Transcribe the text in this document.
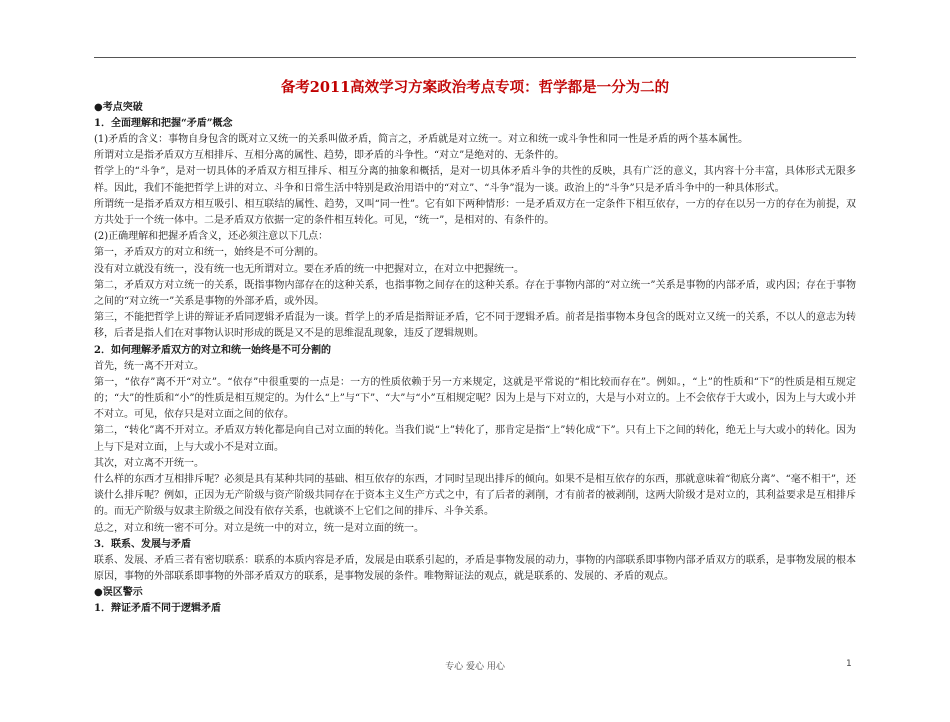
备考2011高效学习方案政治考点专项：哲学都是一分为二的
●考点突破
1．全面理解和把握“矛盾”概念

(1)矛盾的含义：事物自身包含的既对立又统一的关系叫做矛盾，简言之，矛盾就是对立统一。对立和统一或斗争性和同一性是矛盾的两个基本属性。

所谓对立是指矛盾双方互相排斥、互相分离的属性、趋势，即矛盾的斗争性。“对立”是绝对的、无条件的。

哲学上的“斗争”，是对一切具体的矛盾双方相互排斥、相互分离的抽象和概括，是对一切具体矛盾斗争的共性的反映，具有广泛的意义，其内容十分丰富，具体形式无限多样。因此，我们不能把哲学上讲的对立、斗争和日常生活中特别是政治用语中的“对立”、“斗争”混为一谈。政治上的“斗争”只是矛盾斗争中的一种具体形式。

所谓统一是指矛盾双方相互吸引、相互联结的属性、趋势，又叫“同一性”。它有如下两种情形：一是矛盾双方在一定条件下相互依存，一方的存在以另一方的存在为前提，双方共处于一个统一体中。二是矛盾双方依据一定的条件相互转化。可见，“统一”，是相对的、有条件的。

(2)正确理解和把握矛盾含义，还必须注意以下几点：

第一，矛盾双方的对立和统一，始终是不可分割的。

没有对立就没有统一，没有统一也无所谓对立。要在矛盾的统一中把握对立，在对立中把握统一。

第二，矛盾双方对立统一的关系，既指事物内部存在的这种关系，也指事物之间存在的这种关系。存在于事物内部的“对立统一”关系是事物的内部矛盾，或内因；存在于事物之间的“对立统一”关系是事物的外部矛盾，或外因。

第三，不能把哲学上讲的辩证矛盾同逻辑矛盾混为一谈。哲学上的矛盾是指辩证矛盾，它不同于逻辑矛盾。前者是指事物本身包含的既对立又统一的关系，不以人的意志为转移，后者是指人们在对事物认识时形成的既是又不是的思维混乱现象，违反了逻辑规则。

2．如何理解矛盾双方的对立和统一始终是不可分割的

首先，统一离不开对立。

第一，“依存”离不开“对立”。“依存”中很重要的一点是：一方的性质依赖于另一方来规定，这就是平常说的“相比较而存在”。例如。，“上”的性质和“下”的性质是相互规定的；“大”的性质和“小”的性质是相互规定的。为什么“上”与“下”、“大”与“小”互相规定呢？因为上是与下对立的，大是与小对立的。上不会依存于大或小，因为上与大或小并不对立。可见，依存只是对立面之间的依存。

第二，“转化”离不开对立。矛盾双方转化都是向自己对立面的转化。当我们说“上”转化了，那肯定是指“上”转化成“下”。只有上下之间的转化，绝无上与大或小的转化。因为上与下是对立面，上与大或小不是对立面。

其次，对立离不开统一。

什么样的东西才互相排斥呢？必须是具有某种共同的基础、相互依存的东西，才同时呈现出排斥的倾向。如果不是相互依存的东西，那就意味着“彻底分离”、“毫不相干”，还谈什么排斥呢？例如，正因为无产阶级与资产阶级共同存在于资本主义生产方式之中，有了后者的剥削，才有前者的被剥削，这两大阶级才是对立的，其利益要求是互相排斥的。而无产阶级与奴隶主阶级之间没有依存关系，也就谈不上它们之间的排斥、斗争关系。

总之，对立和统一密不可分。对立是统一中的对立，统一是对立面的统一。

3．联系、发展与矛盾

联系、发展、矛盾三者有密切联系：联系的本质内容是矛盾，发展是由联系引起的，矛盾是事物发展的动力，事物的内部联系即事物内部矛盾双方的联系，是事物发展的根本原因，事物的外部联系即事物的外部矛盾双方的联系，是事物发展的条件。唯物辩证法的观点，就是联系的、发展的、矛盾的观点。

●误区警示
1．辩证矛盾不同于逻辑矛盾
专心 爱心 用心	1
